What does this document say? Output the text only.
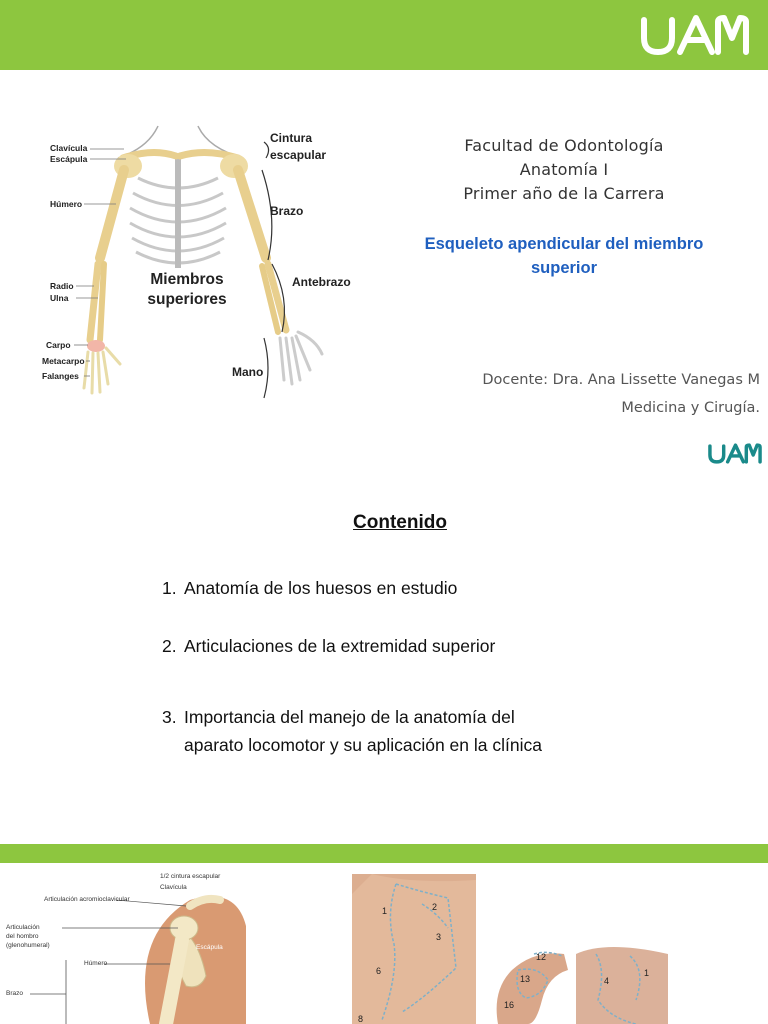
Clavícula
Escápula
Húmero
Radio
Ulna
Carpo
Metacarpo
Falanges
Cintura
escapular
Brazo
Antebrazo
Mano
Miembros
superiores
Facultad de Odontología
Anatomía I
Primer año de la Carrera
Esqueleto apendicular del miembro
superior
Docente: Dra. Ana Lissette Vanegas M
Medicina y Cirugía.
Contenido
1. Anatomía de los huesos en estudio
2. Articulaciones de la extremidad superior
3. Importancia del manejo de la anatomía del
aparato locomotor y su aplicación en la clínica
1/2 cintura escapular
Clavícula
Articulación acromioclavicular
Articulación
del hombro
(glenohumeral)	Escápula
Húmero
Brazo
1	2
3
6
8
12
13
16
4
1
